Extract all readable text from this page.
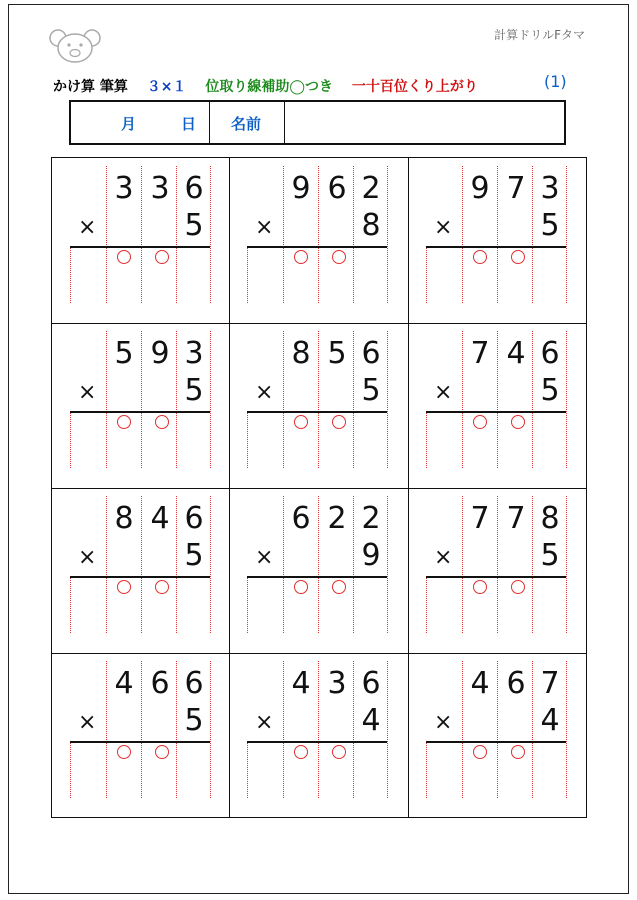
計算ドリルFタマ
かけ算 筆算 ３×１ 位取り線補助◯つき 一十百位くり上がり	(1)
月	日 名前
3 3 6
×	5
9 6 2
×	8
9 7 3
×	5
5 9 3
×	5
8 5 6
×	5
7 4 6
×	5
8 4 6
×	5
6 2 2
×	9
7 7 8
×	5
4 6 6
×	5
4 3 6
×	4
4 6 7
×	4
